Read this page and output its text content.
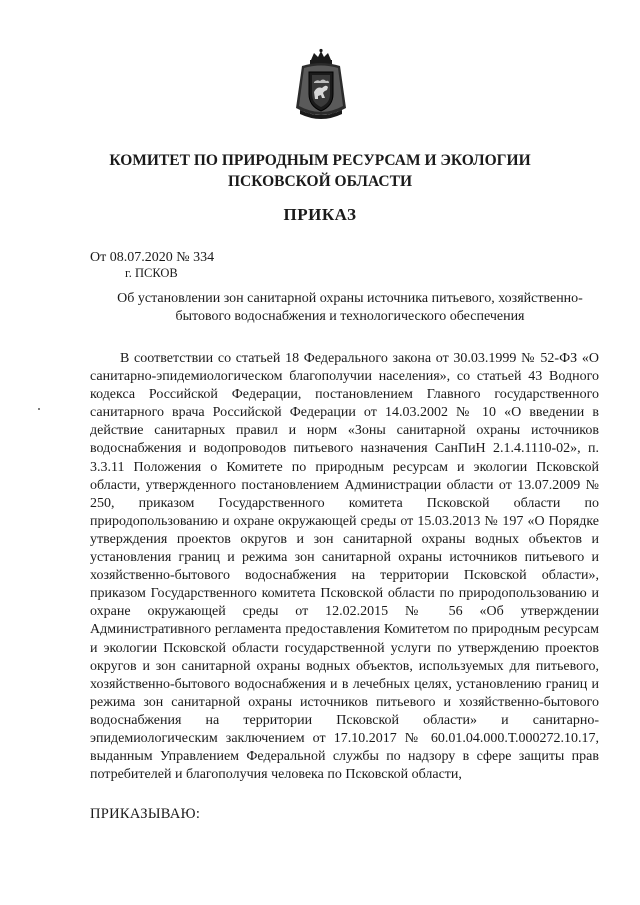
КОМИТЕТ ПО ПРИРОДНЫМ РЕСУРСАМ И ЭКОЛОГИИ
ПСКОВСКОЙ ОБЛАСТИ
ПРИКАЗ
От 08.07.2020 № 334
г. ПСКОВ
Об установлении зон санитарной охраны источника питьевого, хозяйственно-бытового водоснабжения и технологического обеспечения

В соответствии со статьей 18 Федерального закона от 30.03.1999 № 52-ФЗ «О санитарно-эпидемиологическом благополучии населения», со статьей 43 Водного кодекса Российской Федерации, постановлением Главного государственного санитарного врача Российской Федерации от 14.03.2002 № 10 «О введении в действие санитарных правил и норм «Зоны санитарной охраны источников водоснабжения и водопроводов питьевого назначения СанПиН 2.1.4.1110-02», п. 3.3.11 Положения о Комитете по природным ресурсам и экологии Псковской области, утвержденного постановлением Администрации области от 13.07.2009 № 250, приказом Государственного комитета Псковской области по природопользованию и охране окружающей среды от 15.03.2013 № 197 «О Порядке утверждения проектов округов и зон санитарной охраны водных объектов и установления границ и режима зон санитарной охраны источников питьевого и хозяйственно-бытового водоснабжения на территории Псковской области», приказом Государственного комитета Псковской области по природопользованию и охране окружающей среды от 12.02.2015 № 56 «Об утверждении Административного регламента предоставления Комитетом по природным ресурсам и экологии Псковской области государственной услуги по утверждению проектов округов и зон санитарной охраны водных объектов, используемых для питьевого, хозяйственно-бытового водоснабжения и в лечебных целях, установлению границ и режима зон санитарной охраны источников питьевого и хозяйственно-бытового водоснабжения на территории Псковской области» и санитарно-эпидемиологическим заключением от 17.10.2017 № 60.01.04.000.Т.000272.10.17, выданным Управлением Федеральной службы по надзору в сфере защиты прав потребителей и благополучия человека по Псковской области,

ПРИКАЗЫВАЮ:
